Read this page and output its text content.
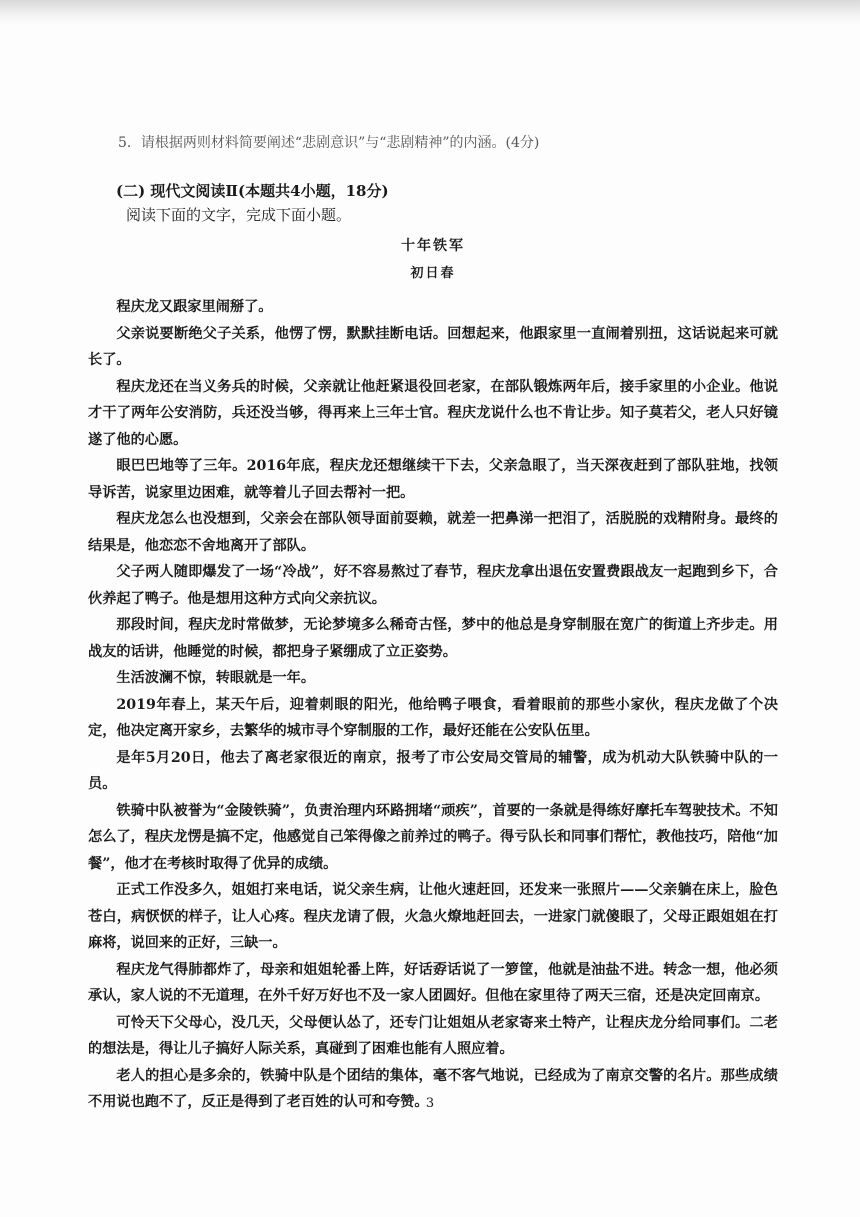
5．请根据两则材料简要阐述“悲剧意识”与“悲剧精神”的内涵。(4分)

(二) 现代文阅读Ⅱ(本题共4小题，18分)

阅读下面的文字，完成下面小题。

十年铁军
初日春

程庆龙又跟家里闹掰了。

父亲说要断绝父子关系，他愣了愣，默默挂断电话。回想起来，他跟家里一直闹着别扭，这话说起来可就长了。

程庆龙还在当义务兵的时候，父亲就让他赶紧退役回老家，在部队锻炼两年后，接手家里的小企业。他说才干了两年公安消防，兵还没当够，得再来上三年士官。程庆龙说什么也不肯让步。知子莫若父，老人只好镜遂了他的心愿。

眼巴巴地等了三年。2016年底，程庆龙还想继续干下去，父亲急眼了，当天深夜赶到了部队驻地，找领导诉苦，说家里边困难，就等着儿子回去帮衬一把。

程庆龙怎么也没想到，父亲会在部队领导面前耍赖，就差一把鼻涕一把泪了，活脱脱的戏精附身。最终的结果是，他恋恋不舍地离开了部队。

父子两人随即爆发了一场“冷战”，好不容易熬过了春节，程庆龙拿出退伍安置费跟战友一起跑到乡下，合伙养起了鸭子。他是想用这种方式向父亲抗议。

那段时间，程庆龙时常做梦，无论梦境多么稀奇古怪，梦中的他总是身穿制服在宽广的街道上齐步走。用战友的话讲，他睡觉的时候，都把身子紧绷成了立正姿势。

生活波澜不惊，转眼就是一年。

2019年春上，某天午后，迎着刺眼的阳光，他给鸭子喂食，看着眼前的那些小家伙，程庆龙做了个决定，他决定离开家乡，去繁华的城市寻个穿制服的工作，最好还能在公安队伍里。

是年5月20日，他去了离老家很近的南京，报考了市公安局交管局的辅警，成为机动大队铁骑中队的一员。

铁骑中队被誉为“金陵铁骑”，负责治理内环路拥堵“顽疾”，首要的一条就是得练好摩托车驾驶技术。不知怎么了，程庆龙愣是搞不定，他感觉自己笨得像之前养过的鸭子。得亏队长和同事们帮忙，教他技巧，陪他“加餐”，他才在考核时取得了优异的成绩。

正式工作没多久，姐姐打来电话，说父亲生病，让他火速赶回，还发来一张照片——父亲躺在床上，脸色苍白，病恹恹的样子，让人心疼。程庆龙请了假，火急火燎地赶回去，一进家门就傻眼了，父母正跟姐姐在打麻将，说回来的正好，三缺一。

程庆龙气得肺都炸了，母亲和姐姐轮番上阵，好话孬话说了一箩筐，他就是油盐不进。转念一想，他必须承认，家人说的不无道理，在外千好万好也不及一家人团圆好。但他在家里待了两天三宿，还是决定回南京。

可怜天下父母心，没几天，父母便认怂了，还专门让姐姐从老家寄来土特产，让程庆龙分给同事们。二老的想法是，得让儿子搞好人际关系，真碰到了困难也能有人照应着。

老人的担心是多余的，铁骑中队是个团结的集体，毫不客气地说，已经成为了南京交警的名片。那些成绩不用说也跑不了，反正是得到了老百姓的认可和夸赞。

3
